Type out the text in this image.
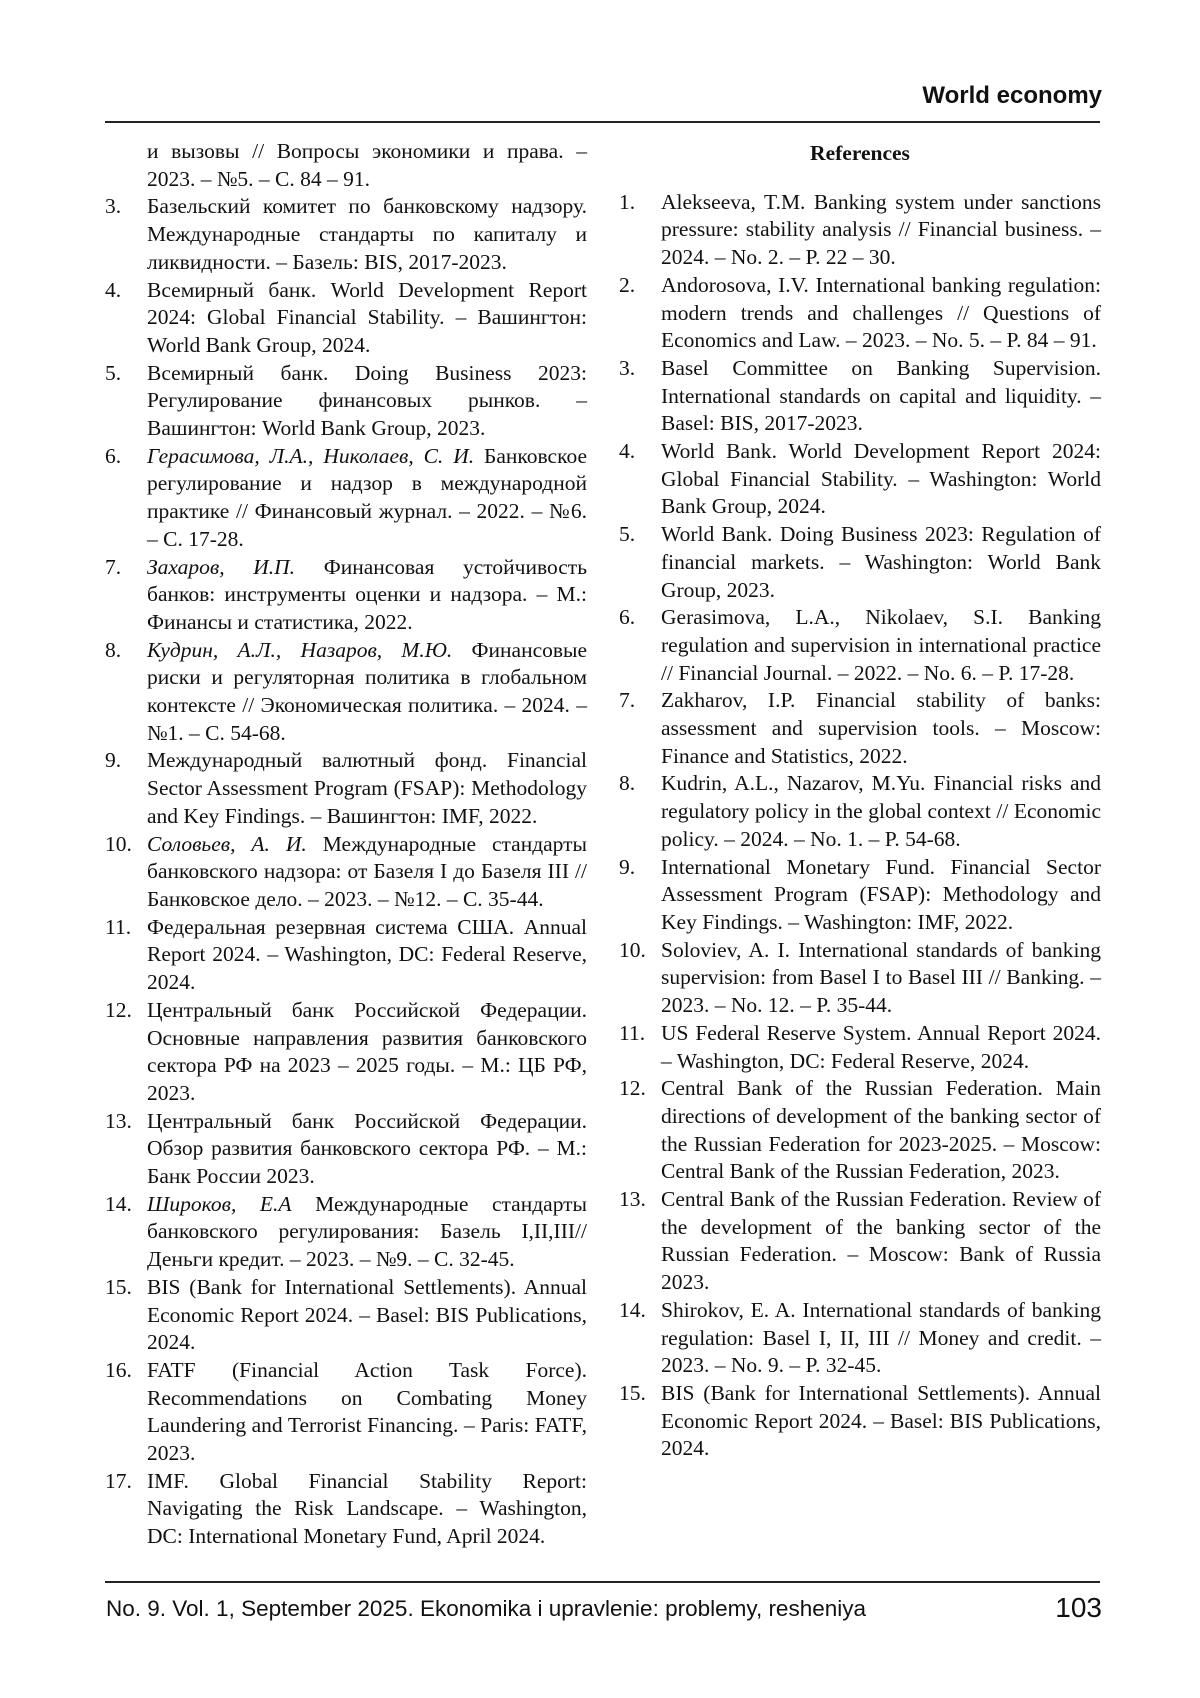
World economy
и вызовы // Вопросы экономики и права. – 2023. – №5. – С. 84 – 91.
3.	Базельский комитет по банковскому надзору. Международные стандарты по капиталу и ликвидности. – Базель: BIS, 2017-2023.
4.	Всемирный банк. World Development Report 2024: Global Financial Stability. – Вашингтон: World Bank Group, 2024.
5.	Всемирный банк. Doing Business 2023: Регулирование финансовых рынков. – Вашингтон: World Bank Group, 2023.
6.	Герасимова, Л.А., Николаев, С. И. Банковское регулирование и надзор в международной практике // Финансовый журнал. – 2022. – №6. – С. 17-28.
7.	Захаров, И.П. Финансовая устойчивость банков: инструменты оценки и надзора. – М.: Финансы и статистика, 2022.
8.	Кудрин, А.Л., Назаров, М.Ю. Финансовые риски и регуляторная политика в глобальном контексте // Экономическая политика. – 2024. – №1. – С. 54-68.
9.	Международный валютный фонд. Financial Sector Assessment Program (FSAP): Methodology and Key Findings. – Вашингтон: IMF, 2022.
10. Соловьев, А. И. Международные стандарты банковского надзора: от Базеля I до Базеля III // Банковское дело. – 2023. – №12. – С. 35-44.
11. Федеральная резервная система США. Annual Report 2024. – Washington, DC: Federal Reserve, 2024.
12. Центральный банк Российской Федерации. Основные направления развития банковского сектора РФ на 2023 – 2025 годы. – М.: ЦБ РФ, 2023.
13. Центральный банк Российской Федерации. Обзор развития банковского сектора РФ. – М.: Банк России 2023.
14. Широков, Е.А Международные стандарты банковского регулирования: Базель I,II,III// Деньги кредит. – 2023. – №9. – С. 32-45.
15. BIS (Bank for International Settlements). Annual Economic Report 2024. – Basel: BIS Publications, 2024.
16. FATF (Financial Action Task Force). Recommendations on Combating Money Laundering and Terrorist Financing. – Paris: FATF, 2023.
17. IMF. Global Financial Stability Report: Navigating the Risk Landscape. – Washington, DC: International Monetary Fund, April 2024.
References
1.	Alekseeva, T.M. Banking system under sanctions pressure: stability analysis // Financial business. – 2024. – No. 2. – P. 22 – 30.
2.	Andorosova, I.V. International banking regulation: modern trends and challenges // Questions of Economics and Law. – 2023. – No. 5. – P. 84 – 91.
3.	Basel Committee on Banking Supervision. International standards on capital and liquidity. – Basel: BIS, 2017-2023.
4.	World Bank. World Development Report 2024: Global Financial Stability. – Washington: World Bank Group, 2024.
5.	World Bank. Doing Business 2023: Regulation of financial markets. – Washington: World Bank Group, 2023.
6.	Gerasimova, L.A., Nikolaev, S.I. Banking regulation and supervision in international practice // Financial Journal. – 2022. – No. 6. – P. 17-28.
7.	Zakharov, I.P. Financial stability of banks: assessment and supervision tools. – Moscow: Finance and Statistics, 2022.
8.	Kudrin, A.L., Nazarov, M.Yu. Financial risks and regulatory policy in the global context // Economic policy. – 2024. – No. 1. – P. 54-68.
9.	International Monetary Fund. Financial Sector Assessment Program (FSAP): Methodology and Key Findings. – Washington: IMF, 2022.
10. Soloviev, A. I. International standards of banking supervision: from Basel I to Basel III // Banking. – 2023. – No. 12. – P. 35-44.
11. US Federal Reserve System. Annual Report 2024. – Washington, DC: Federal Reserve, 2024.
12. Central Bank of the Russian Federation. Main directions of development of the banking sector of the Russian Federation for 2023-2025. – Moscow: Central Bank of the Russian Federation, 2023.
13. Central Bank of the Russian Federation. Review of the development of the banking sector of the Russian Federation. – Moscow: Bank of Russia 2023.
14. Shirokov, E. A. International standards of banking regulation: Basel I, II, III // Money and credit. – 2023. – No. 9. – P. 32-45.
15. BIS (Bank for International Settlements). Annual Economic Report 2024. – Basel: BIS Publications, 2024.
No. 9. Vol. 1, September 2025. Ekonomika i upravlenie: problemy, resheniya	103
